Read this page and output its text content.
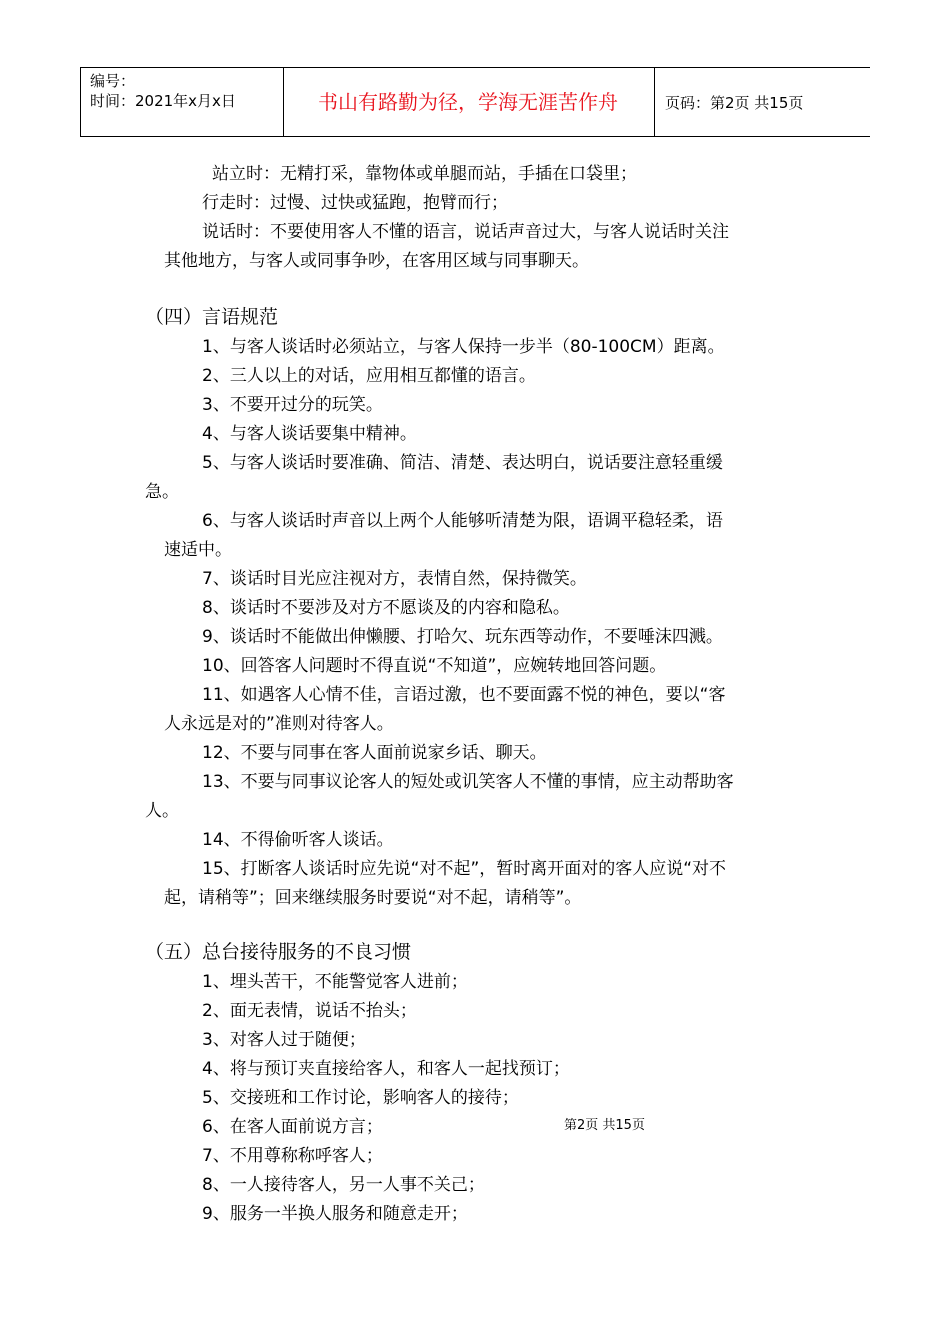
编号：
时间：2021年x月x日	书山有路勤为径，学海无涯苦作舟	页码：第2页 共15页
站立时：无精打采，靠物体或单腿而站，手插在口袋里；
行走时：过慢、过快或猛跑，抱臂而行；
说话时：不要使用客人不懂的语言，说话声音过大，与客人说话时关注
其他地方，与客人或同事争吵，在客用区域与同事聊天。
（四）言语规范
1、与客人谈话时必须站立，与客人保持一步半（80-100CM）距离。
2、三人以上的对话，应用相互都懂的语言。
3、不要开过分的玩笑。
4、与客人谈话要集中精神。
5、与客人谈话时要准确、简洁、清楚、表达明白，说话要注意轻重缓
急。
6、与客人谈话时声音以上两个人能够听清楚为限，语调平稳轻柔，语
速适中。
7、谈话时目光应注视对方，表情自然，保持微笑。
8、谈话时不要涉及对方不愿谈及的内容和隐私。
9、谈话时不能做出伸懒腰、打哈欠、玩东西等动作，不要唾沫四溅。
10、回答客人问题时不得直说“不知道”，应婉转地回答问题。
11、如遇客人心情不佳，言语过激，也不要面露不悦的神色，要以“客
人永远是对的”准则对待客人。
12、不要与同事在客人面前说家乡话、聊天。
13、不要与同事议论客人的短处或讥笑客人不懂的事情，应主动帮助客
人。
14、不得偷听客人谈话。
15、打断客人谈话时应先说“对不起”，暂时离开面对的客人应说“对不
起，请稍等”；回来继续服务时要说“对不起，请稍等”。
（五）总台接待服务的不良习惯
1、埋头苦干，不能警觉客人进前；
2、面无表情，说话不抬头；
3、对客人过于随便；
4、将与预订夹直接给客人，和客人一起找预订；
5、交接班和工作讨论，影响客人的接待；
6、在客人面前说方言；
7、不用尊称称呼客人；
8、一人接待客人，另一人事不关己；
9、服务一半换人服务和随意走开；
第2页 共15页
